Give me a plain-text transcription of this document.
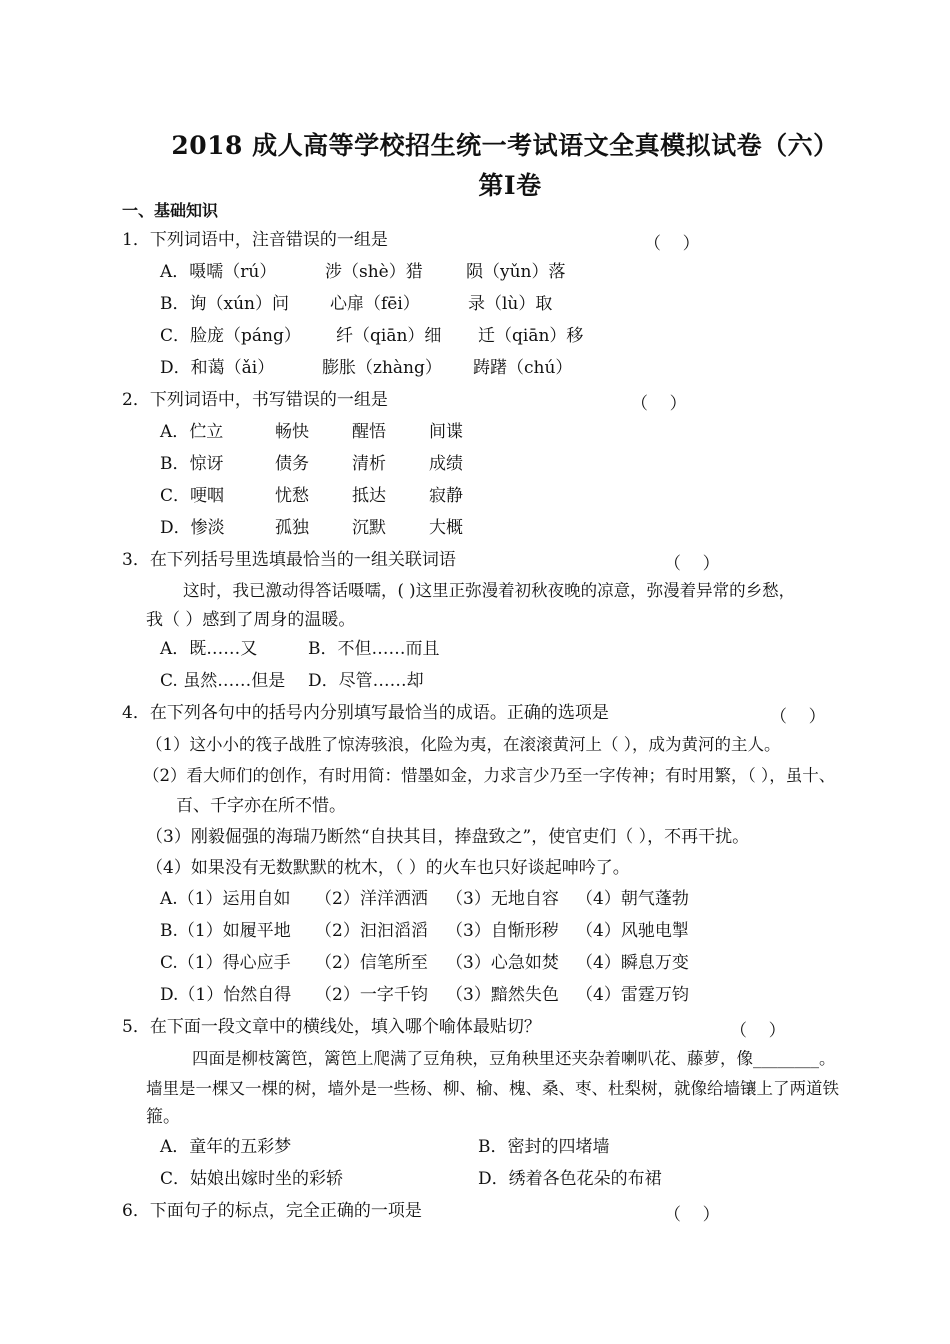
2018 成人高等学校招生统一考试语文全真模拟试卷（六）
第Ⅰ卷
一、基础知识
1．下列词语中，注音错误的一组是	（    ）
A．嗫嚅（rú）	涉（shè）猎	陨（yǔn）落
B．询（xún）问 心扉（fēi）	录（lù）取
C．脸庞（páng） 纤（qiān）细 迁（qiān）移
D．和蔼（ǎi）	膨胀（zhàng） 踌躇（chú）
2．下列词语中，书写错误的一组是	（    ）
A．伫立	畅快	醒悟	间谍
B．惊讶	债务	清析	成绩
C．哽咽	忧愁	抵达	寂静
D．惨淡	孤独	沉默	大概
3．在下列括号里选填最恰当的一组关联词语	（    ）
这时，我已激动得答话嗫嚅，( )这里正弥漫着初秋夜晚的凉意，弥漫着异常的乡愁，
我（ ）感到了周身的温暖。
A．既……又	B．不但……而且
C. 虽然……但是 D．尽管……却
4．在下列各句中的括号内分别填写最恰当的成语。正确的选项是	（    ）
（1）这小小的筏子战胜了惊涛骇浪，化险为夷，在滚滚黄河上（ ），成为黄河的主人。
（2）看大师们的创作，有时用简：惜墨如金，力求言少乃至一字传神；有时用繁，（ ），虽十、
百、千字亦在所不惜。
（3）刚毅倔强的海瑞乃断然“自抉其目，捧盘致之”，使官吏们（ ），不再干扰。
（4）如果没有无数默默的枕木，（ ）的火车也只好谈起呻吟了。
A.（1）运用自如 （2）洋洋洒洒 （3）无地自容 （4）朝气蓬勃
B.（1）如履平地 （2）汩汩滔滔 （3）自惭形秽 （4）风驰电掣
C.（1）得心应手 （2）信笔所至 （3）心急如焚 （4）瞬息万变
D.（1）怡然自得 （2）一字千钧 （3）黯然失色 （4）雷霆万钧
5．在下面一段文章中的横线处，填入哪个喻体最贴切？	（    ）
四面是柳枝篱笆，篱笆上爬满了豆角秧，豆角秧里还夹杂着喇叭花、藤萝，像________。
墙里是一棵又一棵的树，墙外是一些杨、柳、榆、槐、桑、枣、杜梨树，就像给墙镶上了两道铁
箍。
A．童年的五彩梦	B．密封的四堵墙
C．姑娘出嫁时坐的彩轿	D．绣着各色花朵的布裙
6．下面句子的标点，完全正确的一项是	（    ）
